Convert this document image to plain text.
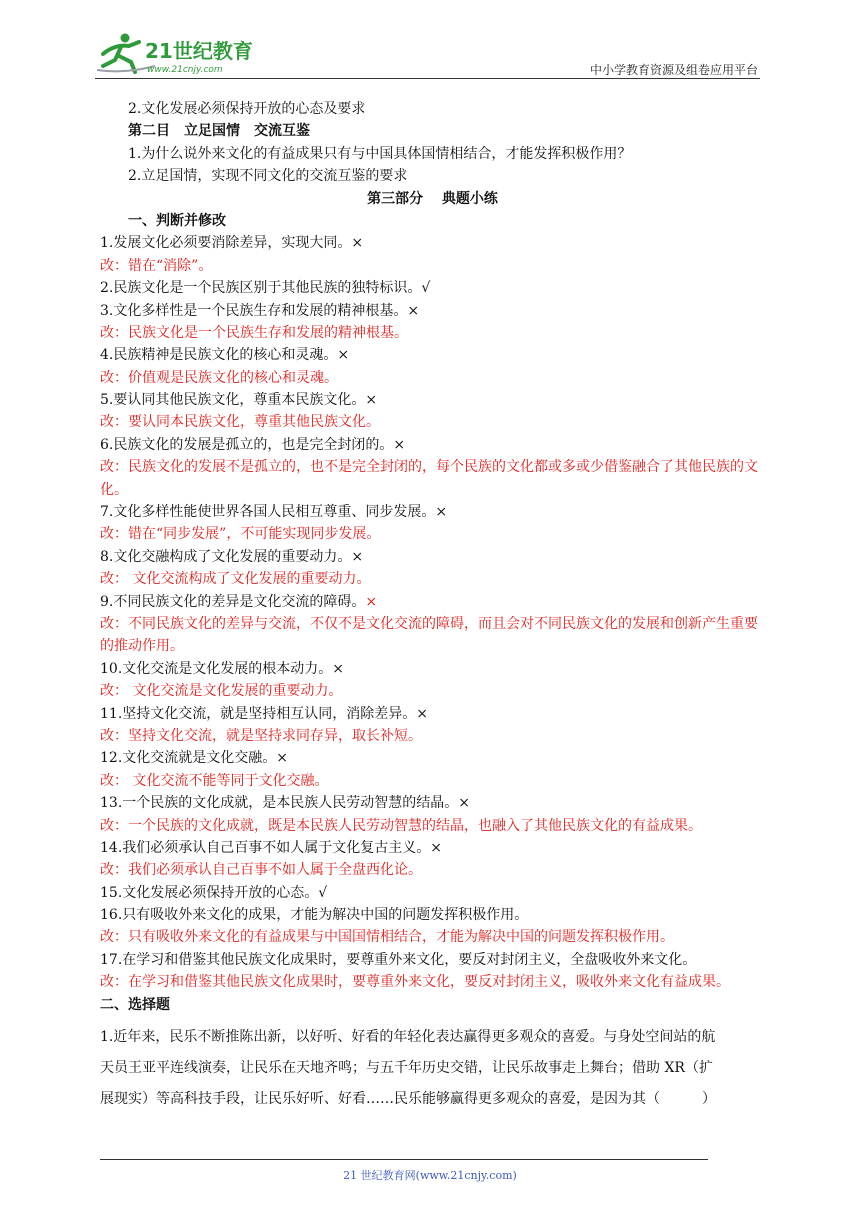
21世纪教育
www.21cnjy.com	中小学教育资源及组卷应用平台
2.文化发展必须保持开放的心态及要求
第二目　立足国情　交流互鉴
1.为什么说外来文化的有益成果只有与中国具体国情相结合，才能发挥积极作用？
2.立足国情，实现不同文化的交流互鉴的要求
第三部分　 典题小练
一、判断并修改
1.发展文化必须要消除差异，实现大同。×
改：错在“消除”。
2.民族文化是一个民族区别于其他民族的独特标识。√
3.文化多样性是一个民族生存和发展的精神根基。×
改：民族文化是一个民族生存和发展的精神根基。
4.民族精神是民族文化的核心和灵魂。×
改：价值观是民族文化的核心和灵魂。
5.要认同其他民族文化，尊重本民族文化。×
改：要认同本民族文化，尊重其他民族文化。
6.民族文化的发展是孤立的，也是完全封闭的。×
改：民族文化的发展不是孤立的，也不是完全封闭的，每个民族的文化都或多或少借鉴融合了其他民族的文化。
7.文化多样性能使世界各国人民相互尊重、同步发展。×
改：错在“同步发展”，不可能实现同步发展。
8.文化交融构成了文化发展的重要动力。×
改： 文化交流构成了文化发展的重要动力。
9.不同民族文化的差异是文化交流的障碍。×
改：不同民族文化的差异与交流，不仅不是文化交流的障碍，而且会对不同民族文化的发展和创新产生重要的推动作用。
10.文化交流是文化发展的根本动力。×
改： 文化交流是文化发展的重要动力。
11.坚持文化交流，就是坚持相互认同，消除差异。×
改：坚持文化交流，就是坚持求同存异，取长补短。
12.文化交流就是文化交融。×
改： 文化交流不能等同于文化交融。
13.一个民族的文化成就，是本民族人民劳动智慧的结晶。×
改：一个民族的文化成就，既是本民族人民劳动智慧的结晶，也融入了其他民族文化的有益成果。
14.我们必须承认自己百事不如人属于文化复古主义。×
改：我们必须承认自己百事不如人属于全盘西化论。
15.文化发展必须保持开放的心态。√
16.只有吸收外来文化的成果，才能为解决中国的问题发挥积极作用。
改：只有吸收外来文化的有益成果与中国国情相结合，才能为解决中国的问题发挥积极作用。
17.在学习和借鉴其他民族文化成果时，要尊重外来文化，要反对封闭主义，全盘吸收外来文化。
改：在学习和借鉴其他民族文化成果时，要尊重外来文化，要反对封闭主义，吸收外来文化有益成果。
二、选择题
1.近年来，民乐不断推陈出新，以好听、好看的年轻化表达赢得更多观众的喜爱。与身处空间站的航
天员王亚平连线演奏，让民乐在天地齐鸣；与五千年历史交错，让民乐故事走上舞台；借助 XR（扩
展现实）等高科技手段，让民乐好听、好看……民乐能够赢得更多观众的喜爱，是因为其（　　　）
21 世纪教育网(www.21cnjy.com)
